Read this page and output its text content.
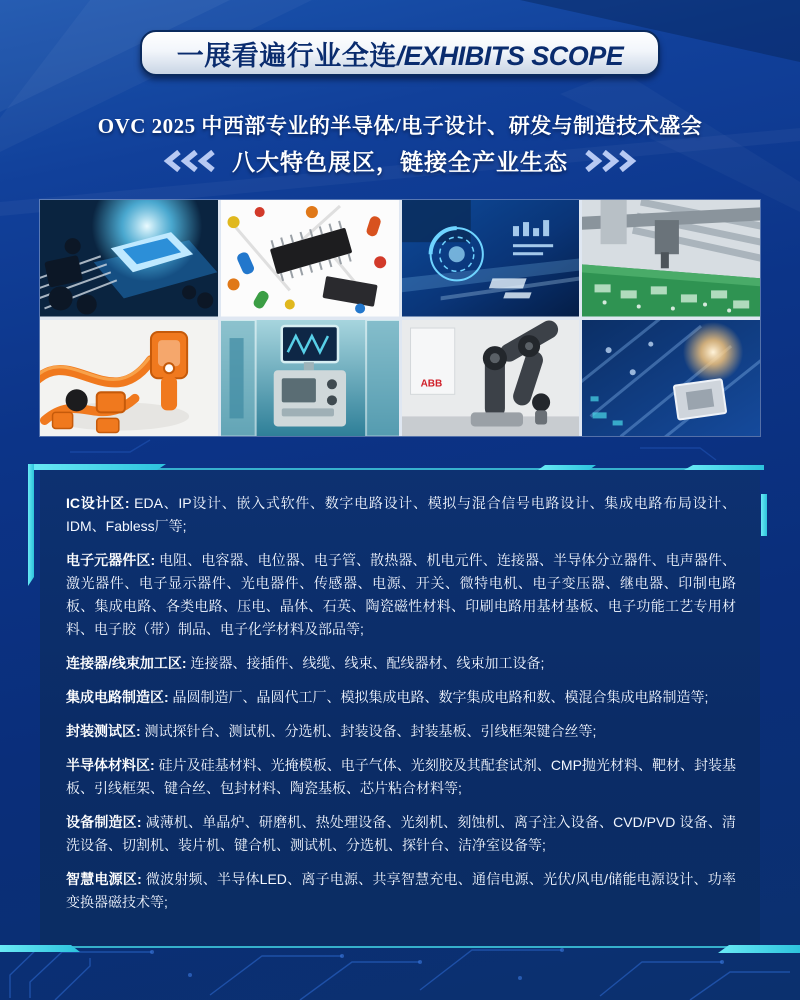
一展看遍行业全连/EXHIBITS SCOPE
OVC 2025 中西部专业的半导体/电子设计、研发与制造技术盛会
八大特色展区，链接全产业生态
ABB

IC设计区: EDA、IP设计、嵌入式软件、数字电路设计、模拟与混合信号电路设计、集成电路布局设计、IDM、Fabless厂等;

电子元器件区: 电阻、电容器、电位器、电子管、散热器、机电元件、连接器、半导体分立器件、电声器件、激光器件、电子显示器件、光电器件、传感器、电源、开关、微特电机、电子变压器、继电器、印制电路板、集成电路、各类电路、压电、晶体、石英、陶瓷磁性材料、印刷电路用基材基板、电子功能工艺专用材料、电子胶（带）制品、电子化学材料及部品等;

连接器/线束加工区: 连接器、接插件、线缆、线束、配线器材、线束加工设备;

集成电路制造区: 晶圆制造厂、晶圆代工厂、模拟集成电路、数字集成电路和数、模混合集成电路制造等;

封装测试区: 测试探针台、测试机、分选机、封装设备、封装基板、引线框架键合丝等;

半导体材料区: 硅片及硅基材料、光掩模板、电子气体、光刻胶及其配套试剂、CMP抛光材料、靶材、封装基板、引线框架、键合丝、包封材料、陶瓷基板、芯片粘合材料等;

设备制造区: 减薄机、单晶炉、研磨机、热处理设备、光刻机、刻蚀机、离子注入设备、CVD/PVD 设备、清洗设备、切割机、装片机、键合机、测试机、分选机、探针台、洁净室设备等;

智慧电源区: 微波射频、半导体LED、离子电源、共享智慧充电、通信电源、光伏/风电/储能电源设计、功率变换器磁技术等;
